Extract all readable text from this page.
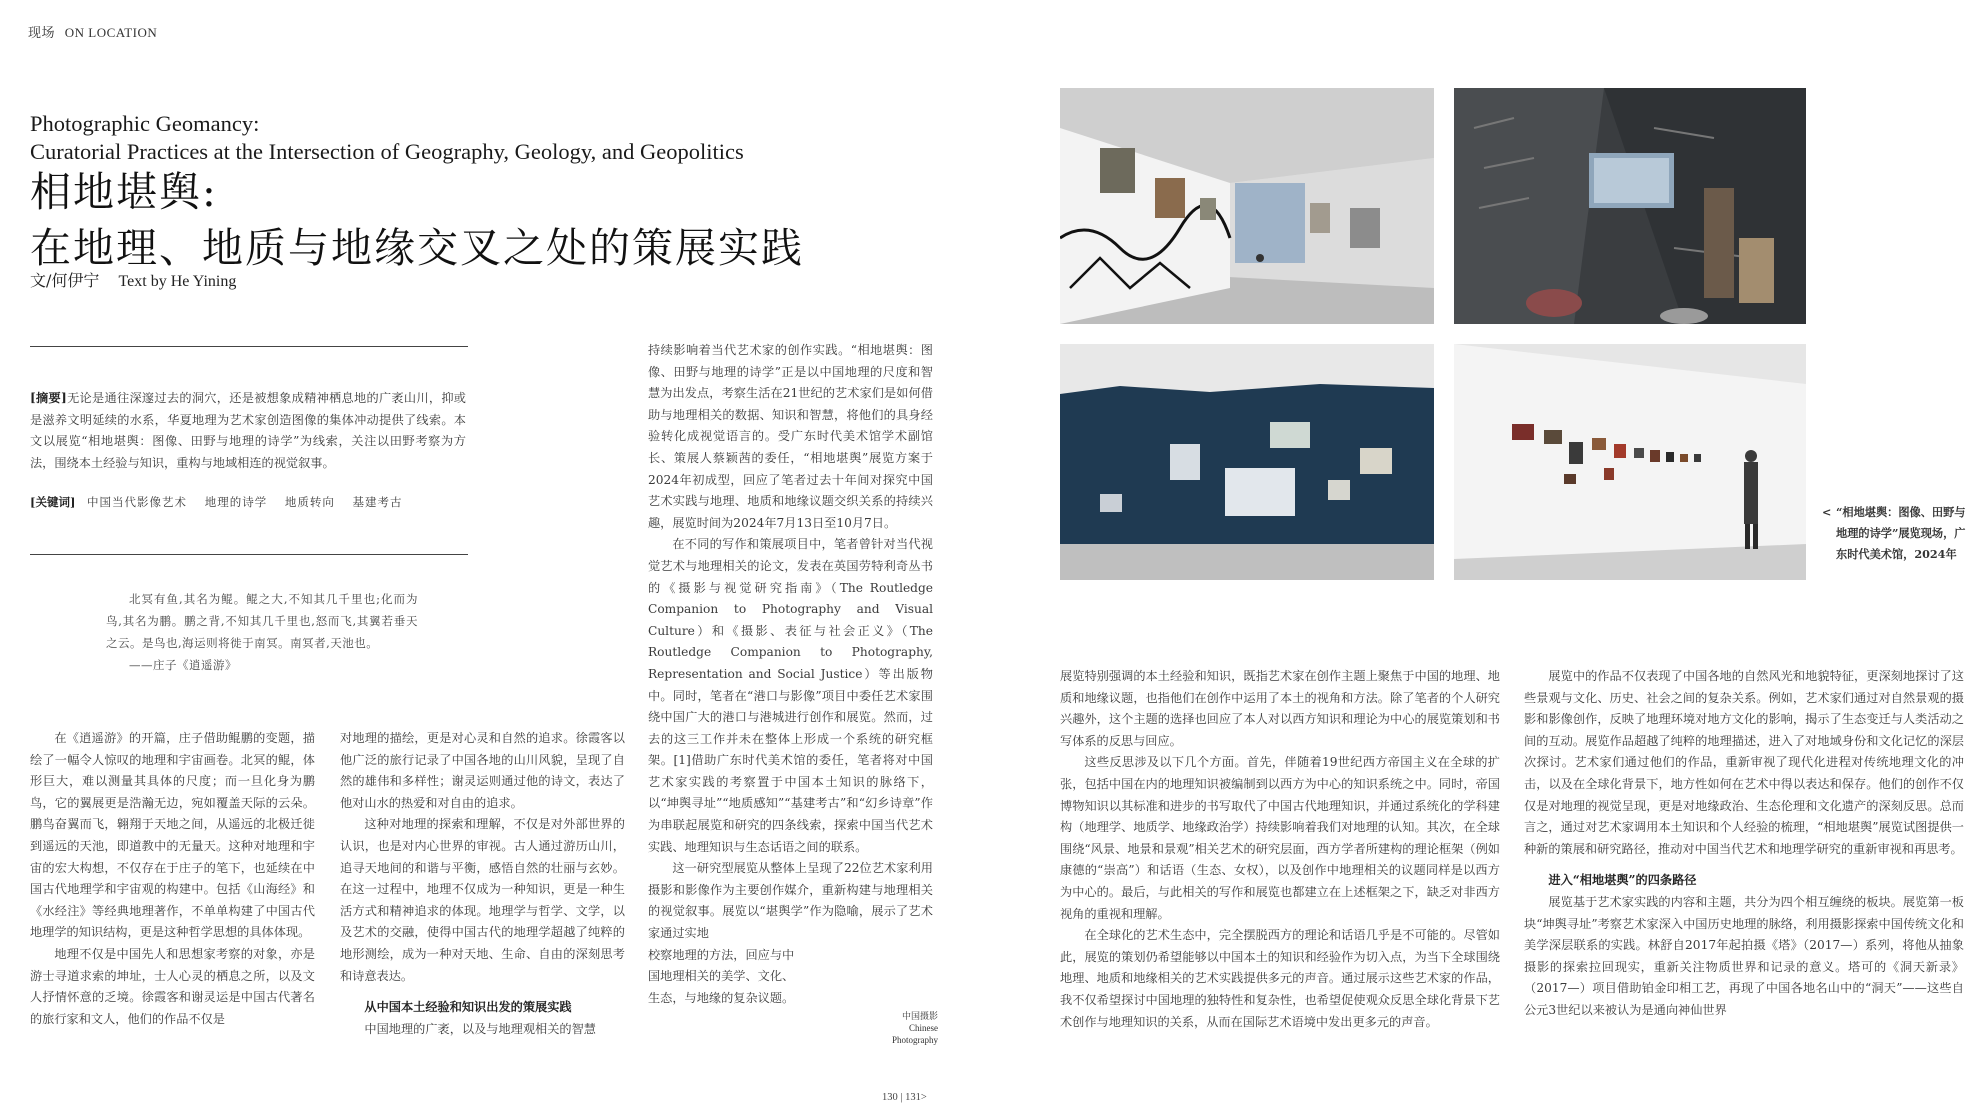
现场 ON LOCATION
Photographic Geomancy:
Curatorial Practices at the Intersection of Geography, Geology, and Geopolitics
相地堪舆:
在地理、地质与地缘交叉之处的策展实践
文/何伊宁 Text by He Yining
[摘要]无论是通往深邃过去的洞穴，还是被想象成精神栖息地的广袤山川，抑或是滋养文明延续的水系，华夏地理为艺术家创造图像的集体冲动提供了线索。本文以展览“相地堪舆：图像、田野与地理的诗学”为线索，关注以田野考察为方法，围绕本土经验与知识，重构与地域相连的视觉叙事。
[关键词] 中国当代影像艺术 地理的诗学 地质转向 基建考古
北冥有鱼,其名为鲲。鲲之大,不知其几千里也;化而为鸟,其名为鹏。鹏之背,不知其几千里也,怒而飞,其翼若垂天之云。是鸟也,海运则将徙于南冥。南冥者,天池也。
——庄子《逍遥游》

在《逍遥游》的开篇，庄子借助鲲鹏的变题，描绘了一幅令人惊叹的地理和宇宙画卷。北冥的鲲，体形巨大，难以测量其具体的尺度；而一旦化身为鹏鸟，它的翼展更是浩瀚无边，宛如覆盖天际的云朵。鹏鸟奋翼而飞，翱翔于天地之间，从遥远的北极迁徙到遥远的天池，即道教中的无量天。这种对地理和宇宙的宏大构想，不仅存在于庄子的笔下，也延续在中国古代地理学和宇宙观的构建中。包括《山海经》和《水经注》等经典地理著作，不单单构建了中国古代地理学的知识结构，更是这种哲学思想的具体体现。

地理不仅是中国先人和思想家考察的对象，亦是游士寻道求索的坤址，士人心灵的栖息之所，以及文人抒情怀意的乏境。徐霞客和谢灵运是中国古代著名的旅行家和文人，他们的作品不仅是

对地理的描绘，更是对心灵和自然的追求。徐霞客以他广泛的旅行记录了中国各地的山川风貌，呈现了自然的雄伟和多样性；谢灵运则通过他的诗文，表达了他对山水的热爱和对自由的追求。

这种对地理的探索和理解，不仅是对外部世界的认识，也是对内心世界的审视。古人通过游历山川，追寻天地间的和谐与平衡，感悟自然的壮丽与玄妙。在这一过程中，地理不仅成为一种知识，更是一种生活方式和精神追求的体现。地理学与哲学、文学，以及艺术的交融，使得中国古代的地理学超越了纯粹的地形测绘，成为一种对天地、生命、自由的深刻思考和诗意表达。

从中国本土经验和知识出发的策展实践

中国地理的广袤，以及与地理观相关的智慧

持续影响着当代艺术家的创作实践。“相地堪舆：图像、田野与地理的诗学”正是以中国地理的尺度和智慧为出发点，考察生活在21世纪的艺术家们是如何借助与地理相关的数据、知识和智慧，将他们的具身经验转化成视觉语言的。受广东时代美术馆学术副馆长、策展人蔡颖茜的委任，“相地堪舆”展览方案于2024年初成型，回应了笔者过去十年间对探究中国艺术实践与地理、地质和地缘议题交织关系的持续兴趣，展览时间为2024年7月13日至10月7日。

在不同的写作和策展项目中，笔者曾针对当代视觉艺术与地理相关的论文，发表在英国劳特利奇丛书的《摄影与视觉研究指南》（The Routledge Companion to Photography and Visual Culture）和《摄影、表征与社会正义》（The Routledge Companion to Photography, Representation and Social Justice）等出版物中。同时，笔者在“港口与影像”项目中委任艺术家围绕中国广大的港口与港城进行创作和展览。然而，过去的这三工作并未在整体上形成一个系统的研究框架。[1]借助广东时代美术馆的委任，笔者将对中国艺术家实践的考察置于中国本土知识的脉络下，以“坤舆寻址”“地质感知”“基建考古”和“幻乡诗章”作为串联起展览和研究的四条线索，探索中国当代艺术实践、地理知识与生态话语之间的联系。

这一研究型展览从整体上呈现了22位艺术家利用摄影和影像作为主要创作媒介，重新构建与地理相关的视觉叙事。展览以“堪舆学”作为隐喻，展示了艺术家通过实地

校察地理的方法，回应与中
国地理相关的美学、文化、
生态，与地缘的复杂议题。
中国摄影
Chinese
Photography
130 | 131>
< “相地堪舆：图像、田野与地理的诗学”展览现场，广东时代美术馆，2024年

展览特别强调的本土经验和知识，既指艺术家在创作主题上聚焦于中国的地理、地质和地缘议题，也指他们在创作中运用了本土的视角和方法。除了笔者的个人研究兴趣外，这个主题的选择也回应了本人对以西方知识和理论为中心的展览策划和书写体系的反思与回应。

这些反思涉及以下几个方面。首先，伴随着19世纪西方帝国主义在全球的扩张，包括中国在内的地理知识被编制到以西方为中心的知识系统之中。同时，帝国博物知识以其标准和进步的书写取代了中国古代地理知识，并通过系统化的学科建构（地理学、地质学、地缘政治学）持续影响着我们对地理的认知。其次，在全球围绕“风景、地景和景观”相关艺术的研究层面，西方学者所建构的理论框架（例如康德的“崇高”）和话语（生态、女权），以及创作中地理相关的议题同样是以西方为中心的。最后，与此相关的写作和展览也都建立在上述框架之下，缺乏对非西方视角的重视和理解。

在全球化的艺术生态中，完全摆脱西方的理论和话语几乎是不可能的。尽管如此，展览的策划仍希望能够以中国本土的知识和经验作为切入点，为当下全球围绕地理、地质和地缘相关的艺术实践提供多元的声音。通过展示这些艺术家的作品，我不仅希望探讨中国地理的独特性和复杂性，也希望促使观众反思全球化背景下艺术创作与地理知识的关系，从而在国际艺术语境中发出更多元的声音。

展览中的作品不仅表现了中国各地的自然风光和地貌特征，更深刻地探讨了这些景观与文化、历史、社会之间的复杂关系。例如，艺术家们通过对自然景观的摄影和影像创作，反映了地理环境对地方文化的影响，揭示了生态变迁与人类活动之间的互动。展览作品超越了纯粹的地理描述，进入了对地域身份和文化记忆的深层次探讨。艺术家们通过他们的作品，重新审视了现代化进程对传统地理文化的冲击，以及在全球化背景下，地方性如何在艺术中得以表达和保存。他们的创作不仅仅是对地理的视觉呈现，更是对地缘政治、生态伦理和文化遗产的深刻反思。总而言之，通过对艺术家调用本土知识和个人经验的梳理，“相地堪舆”展览试图提供一种新的策展和研究路径，推动对中国当代艺术和地理学研究的重新审视和再思考。

进入“相地堪舆”的四条路径

展览基于艺术家实践的内容和主题，共分为四个相互缠绕的板块。展览第一板块“坤舆寻址”考察艺术家深入中国历史地理的脉络，利用摄影探索中国传统文化和美学深层联系的实践。林舒自2017年起拍摄《塔》（2017—）系列，将他从抽象摄影的探索拉回现实，重新关注物质世界和记录的意义。塔可的《洞天新录》（2017—）项目借助铂金印相工艺，再现了中国各地名山中的“洞天”——这些自公元3世纪以来被认为是通向神仙世界
